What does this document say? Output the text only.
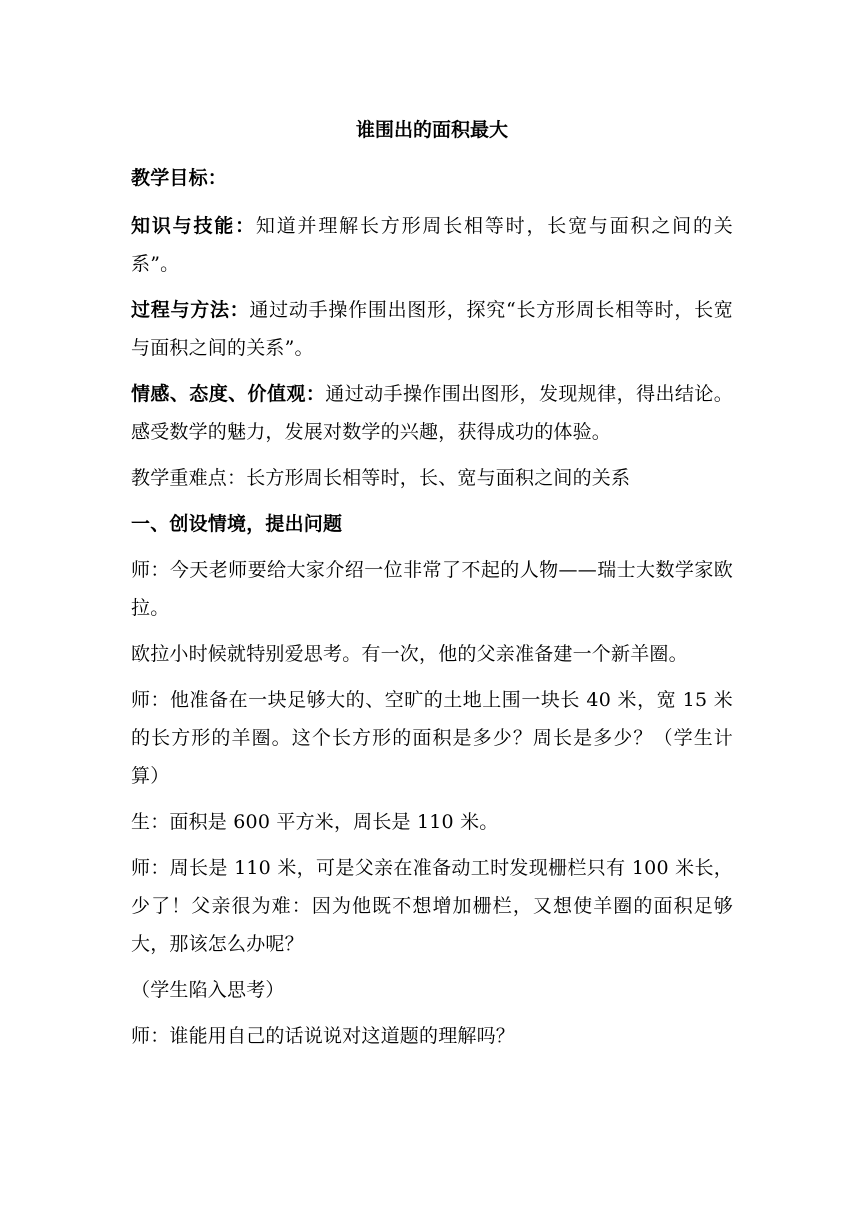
谁围出的面积最大

教学目标：

知识与技能：知道并理解长方形周长相等时，长宽与面积之间的关系”。

过程与方法：通过动手操作围出图形，探究“长方形周长相等时，长宽与面积之间的关系”。

情感、态度、价值观：通过动手操作围出图形，发现规律，得出结论。感受数学的魅力，发展对数学的兴趣，获得成功的体验。

教学重难点：长方形周长相等时，长、宽与面积之间的关系

一、创设情境，提出问题

师：今天老师要给大家介绍一位非常了不起的人物——瑞士大数学家欧拉。

欧拉小时候就特别爱思考。有一次，他的父亲准备建一个新羊圈。

师：他准备在一块足够大的、空旷的土地上围一块长 40 米，宽 15 米的长方形的羊圈。这个长方形的面积是多少？周长是多少？（学生计算）

生：面积是 600 平方米，周长是 110 米。

师：周长是 110 米，可是父亲在准备动工时发现栅栏只有 100 米长，少了！父亲很为难：因为他既不想增加栅栏，又想使羊圈的面积足够大，那该怎么办呢？

（学生陷入思考）

师：谁能用自己的话说说对这道题的理解吗？
